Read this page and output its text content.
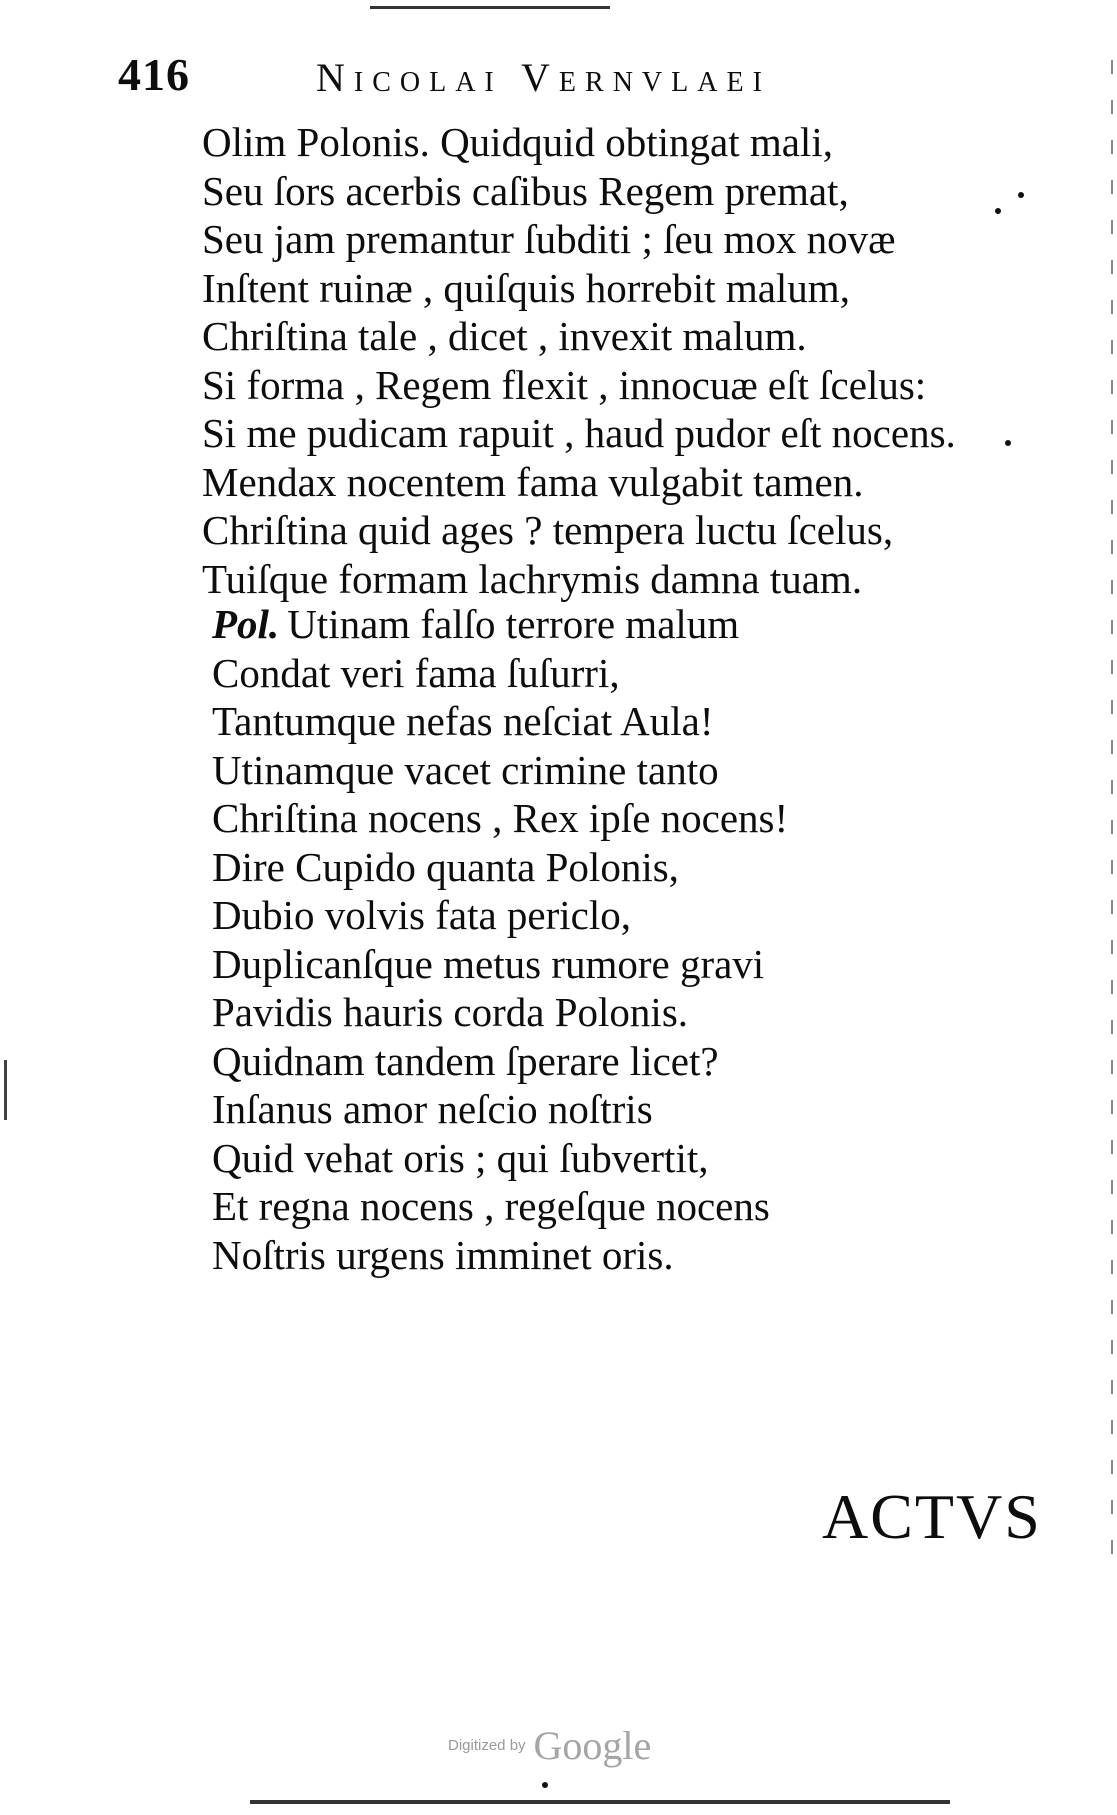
416	Nicolai Vernvlaei
Olim Polonis. Quidquid obtingat mali,
Seu ſors acerbis caſibus Regem premat,
Seu jam premantur ſubditi ; ſeu mox novæ
Inſtent ruinæ , quiſquis horrebit malum,
Chriſtina tale , dicet , invexit malum.
Si forma , Regem flexit , innocuæ eſt ſcelus:
Si me pudicam rapuit , haud pudor eſt nocens.
Mendax nocentem fama vulgabit tamen.
Chriſtina quid ages ? tempera luctu ſcelus,
Tuiſque formam lachrymis damna tuam.
Pol. Utinam falſo terrore malum
Condat veri fama ſuſurri,
Tantumque nefas neſciat Aula!
Utinamque vacet crimine tanto
Chriſtina nocens , Rex ipſe nocens!
Dire Cupido quanta Polonis,
Dubio volvis fata periclo,
Duplicanſque metus rumore gravi
Pavidis hauris corda Polonis.
Quidnam tandem ſperare licet?
Inſanus amor neſcio noſtris
Quid vehat oris ; qui ſubvertit,
Et regna nocens , regeſque nocens
Noſtris urgens imminet oris.
ACTVS
Digitized by Google
